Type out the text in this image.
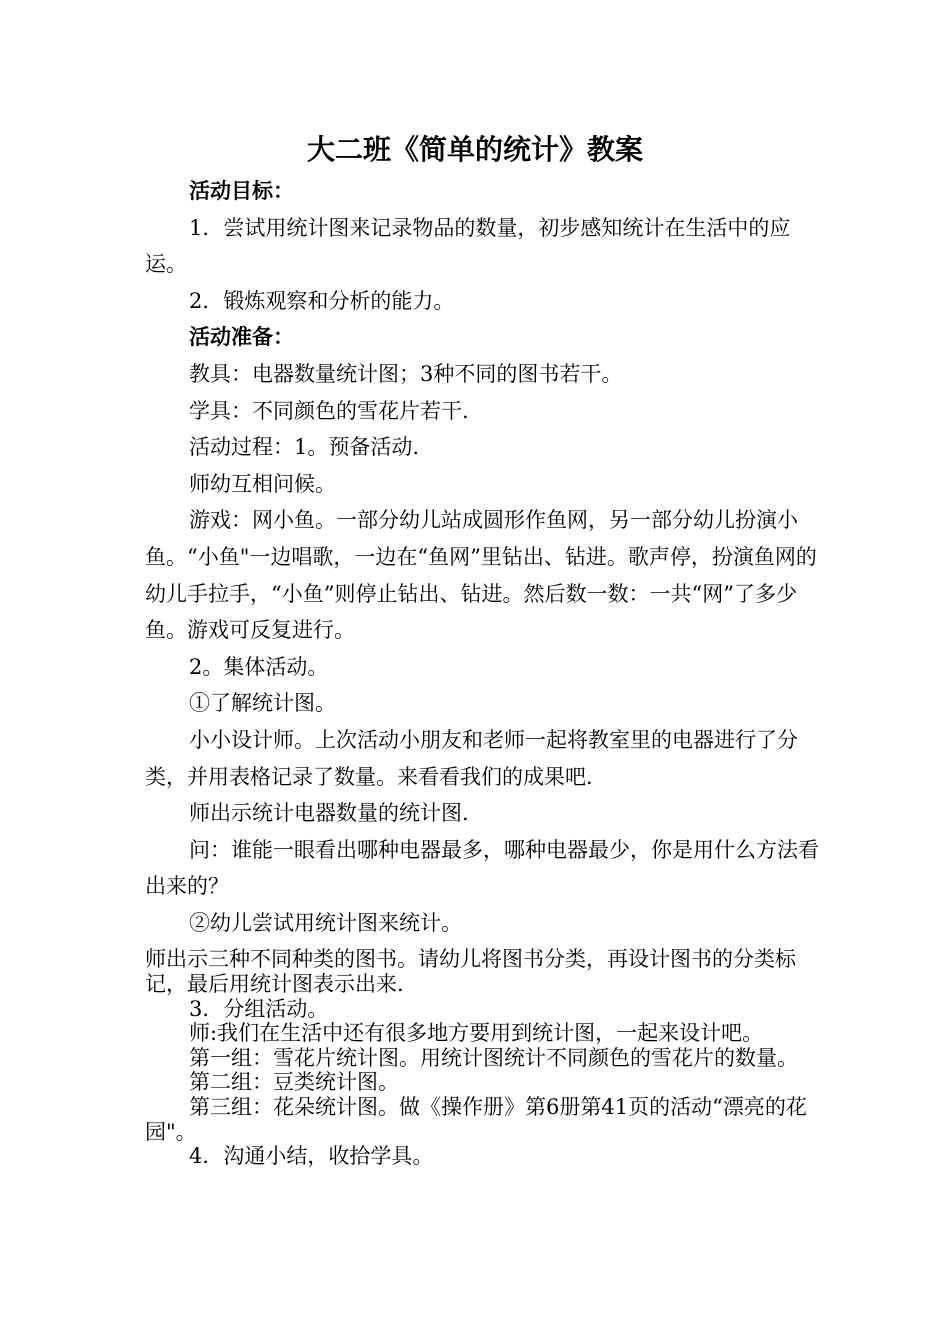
大二班《简单的统计》教案

活动目标：

1．尝试用统计图来记录物品的数量，初步感知统计在生活中的应运。

2．锻炼观察和分析的能力。

活动准备：

教具：电器数量统计图；3种不同的图书若干。

学具：不同颜色的雪花片若干.

活动过程：1。预备活动.

师幼互相问候。

游戏：网小鱼。一部分幼儿站成圆形作鱼网，另一部分幼儿扮演小鱼。“小鱼"一边唱歌，一边在“鱼网”里钻出、钻进。歌声停，扮演鱼网的幼儿手拉手，“小鱼”则停止钻出、钻进。然后数一数：一共“网”了多少鱼。游戏可反复进行。

2。集体活动。

①了解统计图。

小小设计师。上次活动小朋友和老师一起将教室里的电器进行了分类，并用表格记录了数量。来看看我们的成果吧.

师出示统计电器数量的统计图.

问：谁能一眼看出哪种电器最多，哪种电器最少，你是用什么方法看出来的？

②幼儿尝试用统计图来统计。

师出示三种不同种类的图书。请幼儿将图书分类，再设计图书的分类标记，最后用统计图表示出来.

3．分组活动。

师:我们在生活中还有很多地方要用到统计图，一起来设计吧。

第一组：雪花片统计图。用统计图统计不同颜色的雪花片的数量。

第二组：豆类统计图。

第三组：花朵统计图。做《操作册》第6册第41页的活动“漂亮的花园"。

4．沟通小结，收拾学具。
